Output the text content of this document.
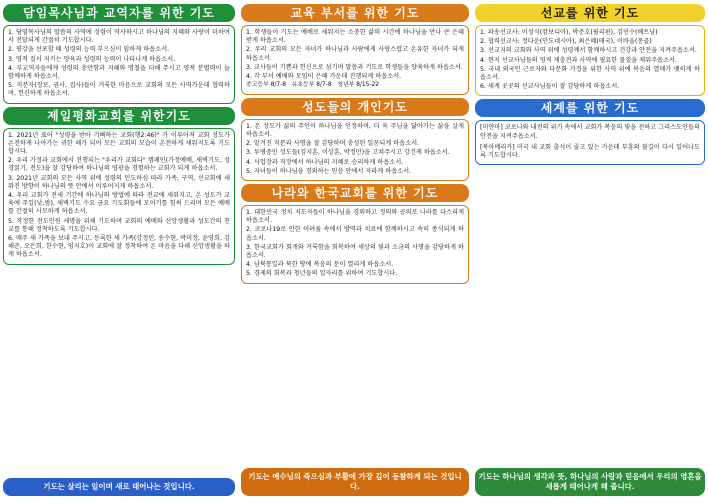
담임목사님과 교역자를 위한 기도
1. 담임목사님의 말씀의 사역에 성령이 역사하시고 하나님의 지혜와 사랑이 더하여서 전달되게 간절히 기도합시다.
2. 평강을 선포할 때 성령의 능력 부으심이 임하게 하옵소서.
3. 영적 질서 지키는 양육과 성령의 능력이 나타나게 하옵소서.
4. 부교역자들에게 성령의 충만함과 지혜와 명철을 더해 주시고 영적 분별력이 늘 함께하게 하옵소서.
5. 직분자(장로, 권사, 집사)들이 거룩한 마음으로 교회의 모든 사역가운데 협력하며, 헌신하게 하옵소서.
제일평화교회를 위한기도
1. 2021년 표어 "성령을 받아 기뻐하는 교회(행2:46)" 가 이루어져 교회 성도가 온전하게 나아가는 귀한 해가 되어 모든 교회의 모습이 온전하게 세워지도록 기도합시다.
2. 우리 가정과 교회에서 진행되는 "우리가 교회다" 캠페인(가정예배, 새벽기도, 성경읽기, 전도)을 잘 감당하여 하나님의 영광을 경험하는 교회가 되게 하옵소서.
3. 2021년 교회의 모든 사역 위에 성령의 인도하심 따라 가족, 구역, 선교회에 세워진 방향이 하나님의 뜻 안에서 이루어지게 하옵소서.
4. 우리 교회가 전세 기간에 하나님의 방법에 따라 전교에 세워지고, 온 성도가 교육에 주일(낮,밤), 새벽기도 수요 금요 기도회들에 모이기를 힘써 드리며 모든 예배를 간절히 사모하게 하옵소서.
5. 작정한 전도인원 세명을 위해 기도하며 교회의 예배와 신앙생활과 성도간의 친교를 통해 정착하도록 기도합시다.
6. 매주 새 가족을 보내 주시고, 등록한 새 가족(강정민, 송수현, 박미정, 윤영희, 김해준, 오은희, 한수현, 임지호)이 교회에 잘 정착하여 온 마음을 다해 신앙생활을 하게 하옵소서.
기도는 살리는 일이며 새로 태어나는 것입니다.
교육 부서를 위한 기도
1. 학생들이 기도는 예배로 세워지는 소중한 삶의 시간에 하나님을 만나 큰 은혜 받게 하옵소서.
2. 우리 교회의 모든 자녀가 하나님과 사람에게 사랑스럽고 온유한 자녀가 되게 하옵소서.
3. 교사들이 기쁨과 헌신으로 섬기며 말씀과 기도로 학생들을 양육하게 하옵소서.
4. 각 부서 예배와 모임이 은혜 가운데 진행되게 하옵소서.
중고등부 8/7-8 유초등부 8/7-8 청년부 8/15-22
성도들의 개인기도
1. 온 성도가 삶의 주인이 하나님을 인정하며, 더 욱 주님을 닮아가는 삶을 살게 하옵소서.
2. 맡겨진 직분과 사명을 잘 감당하며 충성된 일꾼되게 하옵소서.
3. 투병중인 성도들(김지훈, 이상훈, 박정민)을 고쳐주시고 강건케 하옵소서.
4. 사업장과 직장에서 하나님의 지혜로 승리하게 하옵소서.
5. 자녀들이 하나님을 경외하는 믿음 안에서 자라게 하옵소서.
나라와 한국교회를 위한 기도
1. 대한민국 정치 지도자들이 하나님을 경외하고 정의와 공의로 나라를 다스리게 하옵소서.
2. 코로나19로 인한 어려움 속에서 방역과 치료에 함께하시고 속히 종식되게 하옵소서.
3. 한국교회가 회개와 거룩함을 회복하여 세상의 빛과 소금의 사명을 감당하게 하옵소서.
4. 남북통일과 북한 땅에 복음의 문이 열리게 하옵소서.
5. 경제의 회복과 청년들의 일자리를 위하여 기도합시다.
기도는 예수님의 죽으심과 부활에 가장 깊이 동참하게 되는 것입니다.
선교를 위한 기도
1. 파송선교사: 이성식(캄보디아), 박준호(필리핀), 김민수(베트남)
2. 협력선교사: 정다운(인도네시아), 최은혜(태국), 이바울(몽골)
3. 선교지의 교회와 사역 위에 성령께서 함께하시고 건강과 안전을 지켜주옵소서.
4. 현지 선교사님들의 영적 재충전과 사역에 필요한 물질을 채워주옵소서.
5. 국내 외국인 근로자와 다문화 가정을 위한 사역 위에 복음의 열매가 맺히게 하옵소서.
6. 세계 곳곳의 선교사님들이 잘 감당하게 하옵소서.
세계를 위한 기도
[미얀마] 코로나와 내전의 위기 속에서 교회가 복음의 빛을 전하고 그리스도인들의 안전을 지켜주옵소서.
[북아메리카] 미국 내 교회 출석이 줄고 있는 가운데 부흥의 불길이 다시 일어나도록 기도합시다.
기도는 하나님의 생각과 뜻, 하나님의 사랑과 믿음에서 우리의 영혼을 새롭게 태어나게 해 줍니다.
